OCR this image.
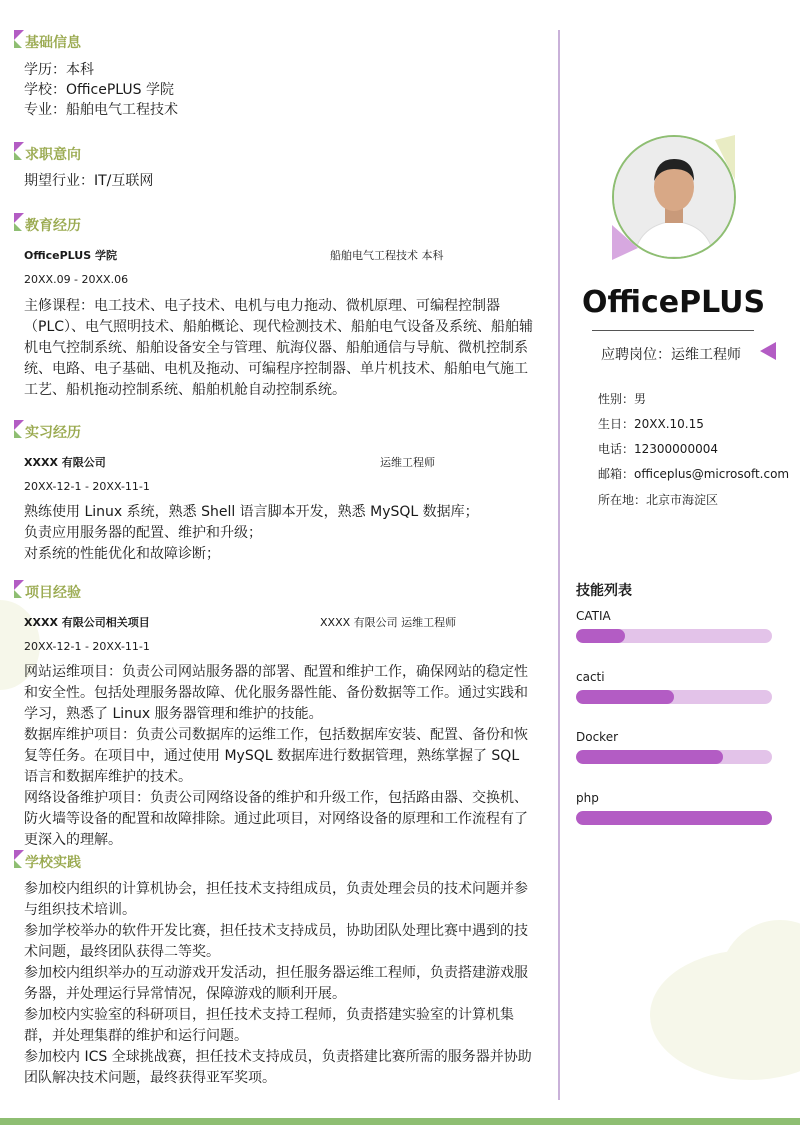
基础信息
学历：本科
学校：OfficePLUS 学院
专业：船舶电气工程技术
求职意向
期望行业：IT/互联网
教育经历
OfficePLUS 学院	船舶电气工程技术 本科
20XX.09 - 20XX.06
主修课程：电工技术、电子技术、电机与电力拖动、微机原理、可编程控制器（PLC）、电气照明技术、船舶概论、现代检测技术、船舶电气设备及系统、船舶辅机电气控制系统、船舶设备安全与管理、航海仪器、船舶通信与导航、微机控制系统、电路、电子基础、电机及拖动、可编程序控制器、单片机技术、船舶电气施工工艺、船机拖动控制系统、船舶机舱自动控制系统。
实习经历
XXXX 有限公司	运维工程师
20XX-12-1 - 20XX-11-1
熟练使用 Linux 系统，熟悉 Shell 语言脚本开发，熟悉 MySQL 数据库；
负责应用服务器的配置、维护和升级；
对系统的性能优化和故障诊断；
项目经验
XXXX 有限公司相关项目	XXXX 有限公司 运维工程师
20XX-12-1 - 20XX-11-1
网站运维项目：负责公司网站服务器的部署、配置和维护工作，确保网站的稳定性和安全性。包括处理服务器故障、优化服务器性能、备份数据等工作。通过实践和学习，熟悉了 Linux 服务器管理和维护的技能。
数据库维护项目：负责公司数据库的运维工作，包括数据库安装、配置、备份和恢复等任务。在项目中，通过使用 MySQL 数据库进行数据管理，熟练掌握了 SQL 语言和数据库维护的技术。
网络设备维护项目：负责公司网络设备的维护和升级工作，包括路由器、交换机、防火墙等设备的配置和故障排除。通过此项目，对网络设备的原理和工作流程有了更深入的理解。
学校实践
参加校内组织的计算机协会，担任技术支持组成员，负责处理会员的技术问题并参与组织技术培训。
参加学校举办的软件开发比赛，担任技术支持成员，协助团队处理比赛中遇到的技术问题，最终团队获得二等奖。
参加校内组织举办的互动游戏开发活动，担任服务器运维工程师，负责搭建游戏服务器，并处理运行异常情况，保障游戏的顺利开展。
参加校内实验室的科研项目，担任技术支持工程师，负责搭建实验室的计算机集群，并处理集群的维护和运行问题。
参加校内 ICS 全球挑战赛，担任技术支持成员，负责搭建比赛所需的服务器并协助团队解决技术问题，最终获得亚军奖项。
OfficePLUS
应聘岗位：运维工程师
性别：男
生日：20XX.10.15
电话：12300000004
邮箱：officeplus@microsoft.com
所在地：北京市海淀区
技能列表
CATIA
cacti
Docker
php
